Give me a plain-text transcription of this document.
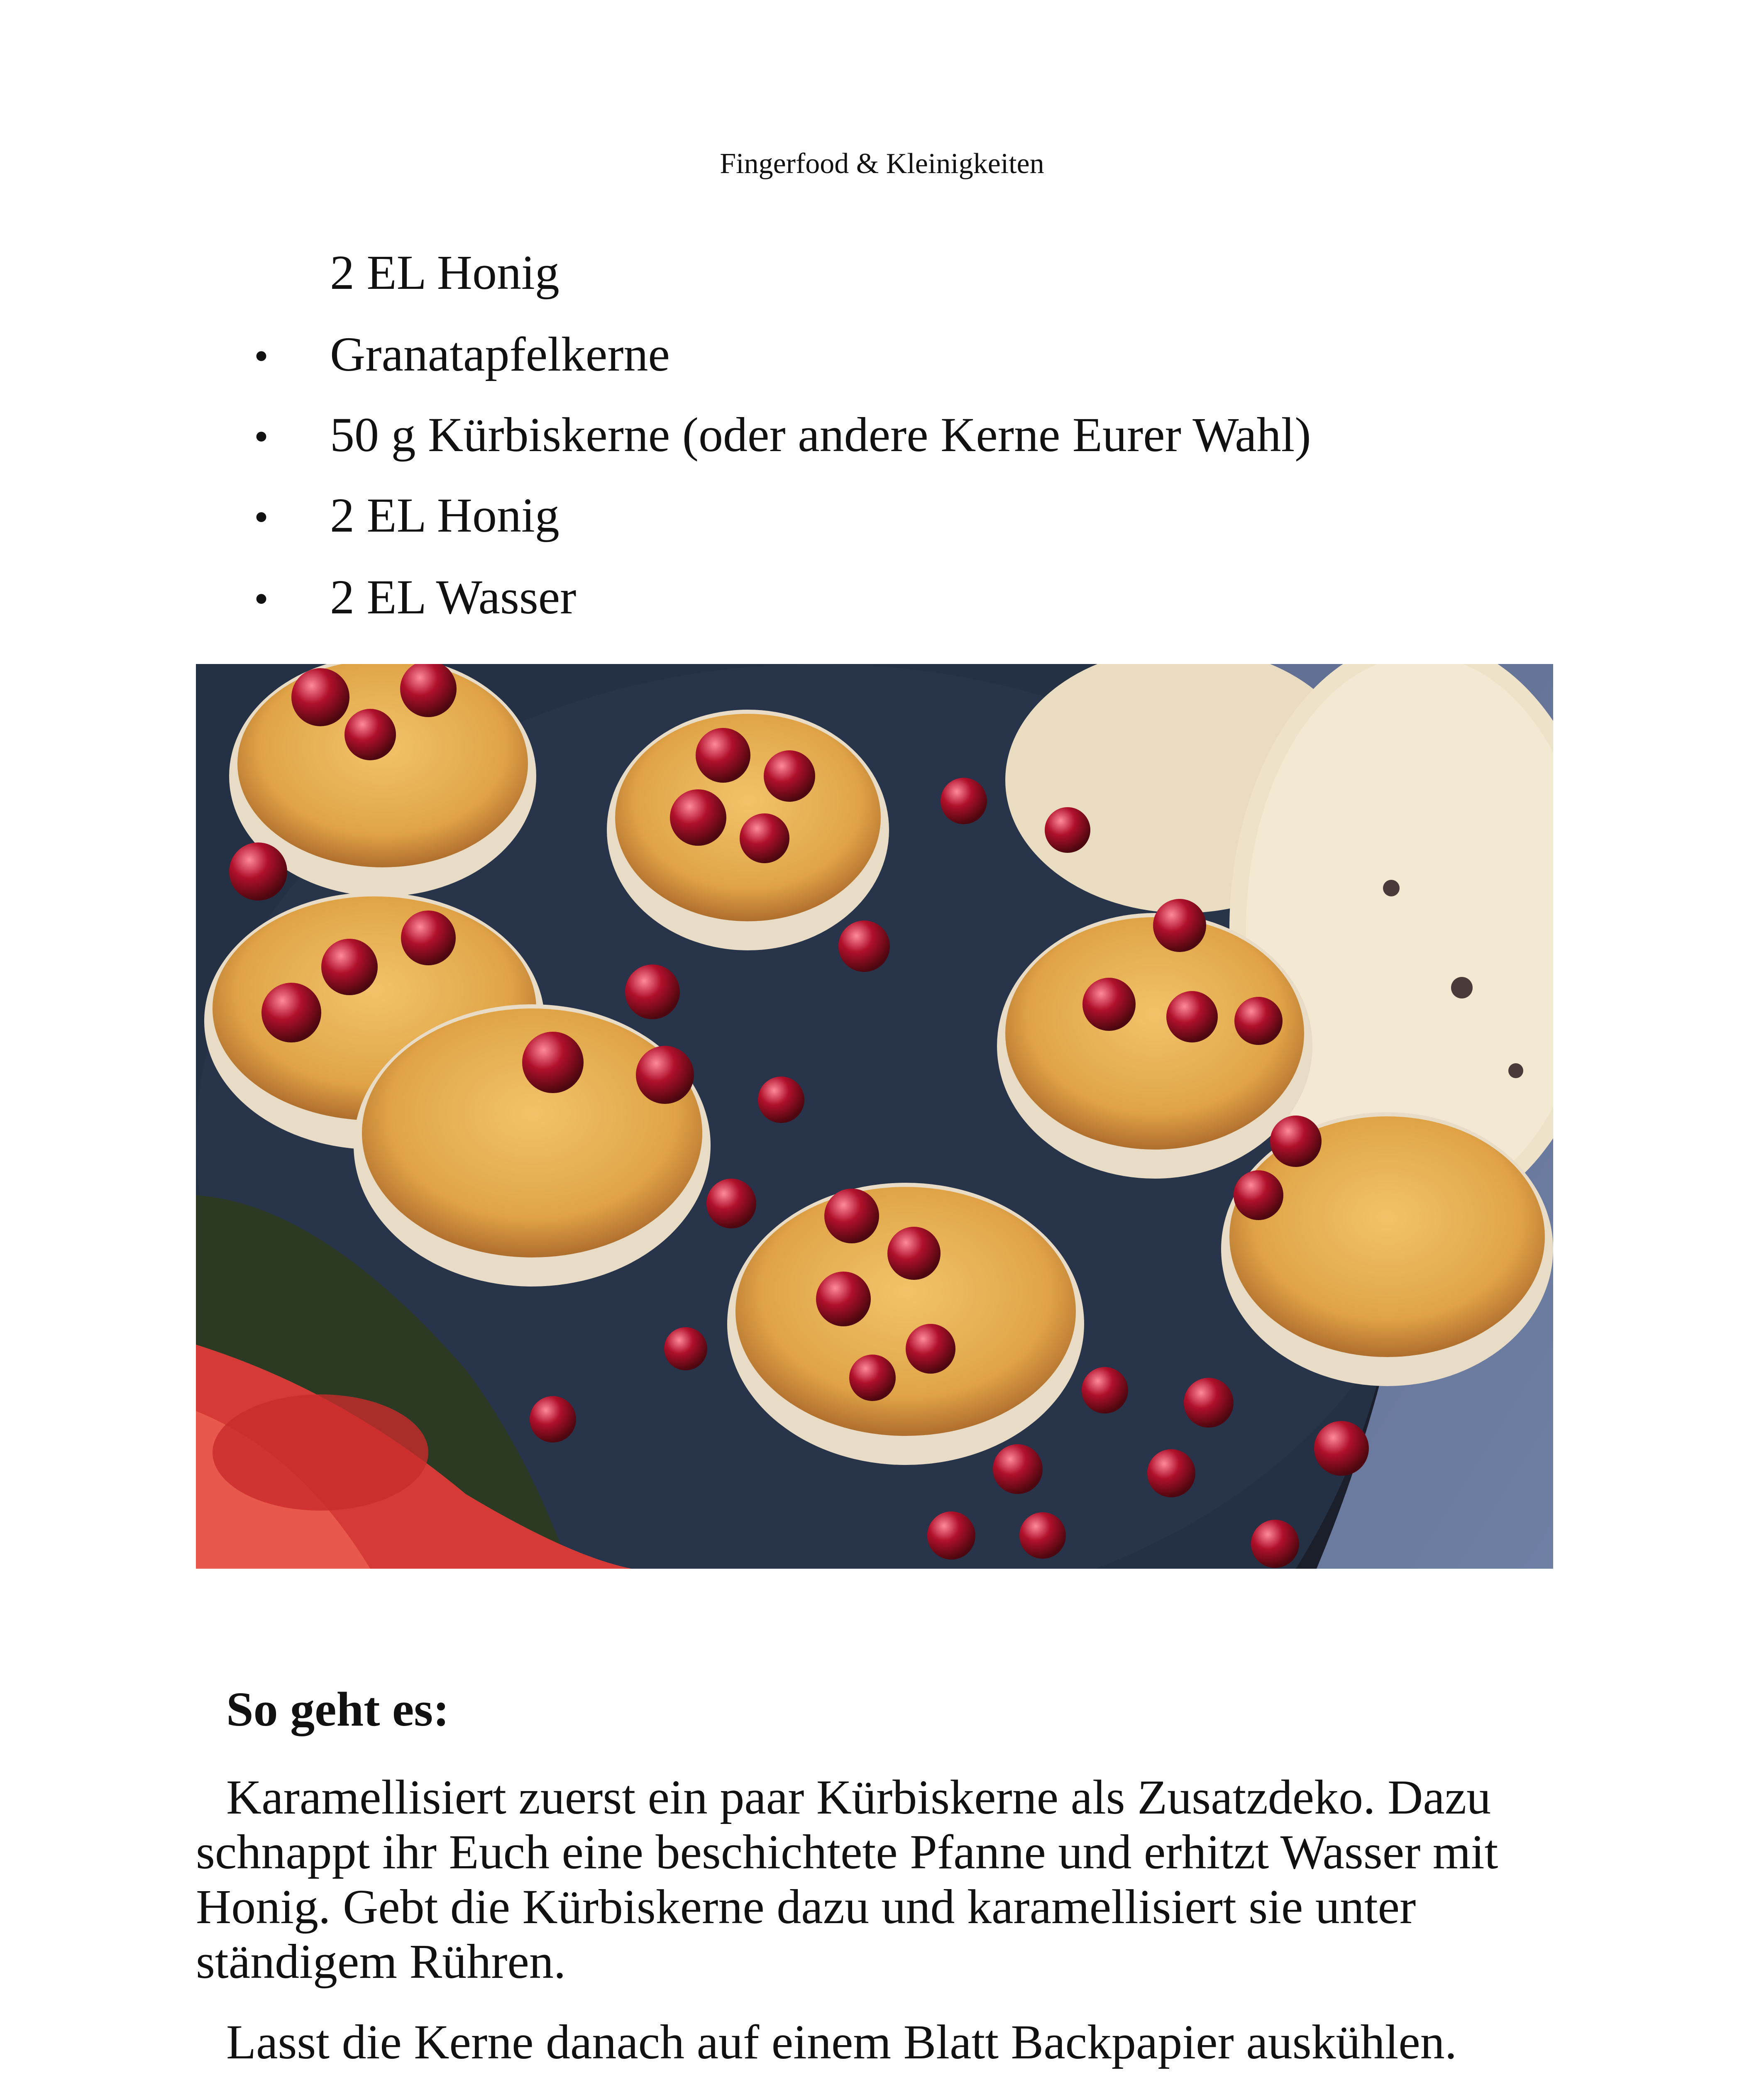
Fingerfood & Kleinigkeiten
2 EL Honig
• Granatapfelkerne
• 50 g Kürbiskerne (oder andere Kerne Eurer Wahl)
• 2 EL Honig
• 2 EL Wasser
So geht es:
Karamellisiert zuerst ein paar Kürbiskerne als Zusatzdeko. Dazu schnappt ihr Euch eine beschichtete Pfanne und erhitzt Wasser mit Honig. Gebt die Kürbiskerne dazu und karamellisiert sie unter ständigem Rühren.
Lasst die Kerne danach auf einem Blatt Backpapier auskühlen.
